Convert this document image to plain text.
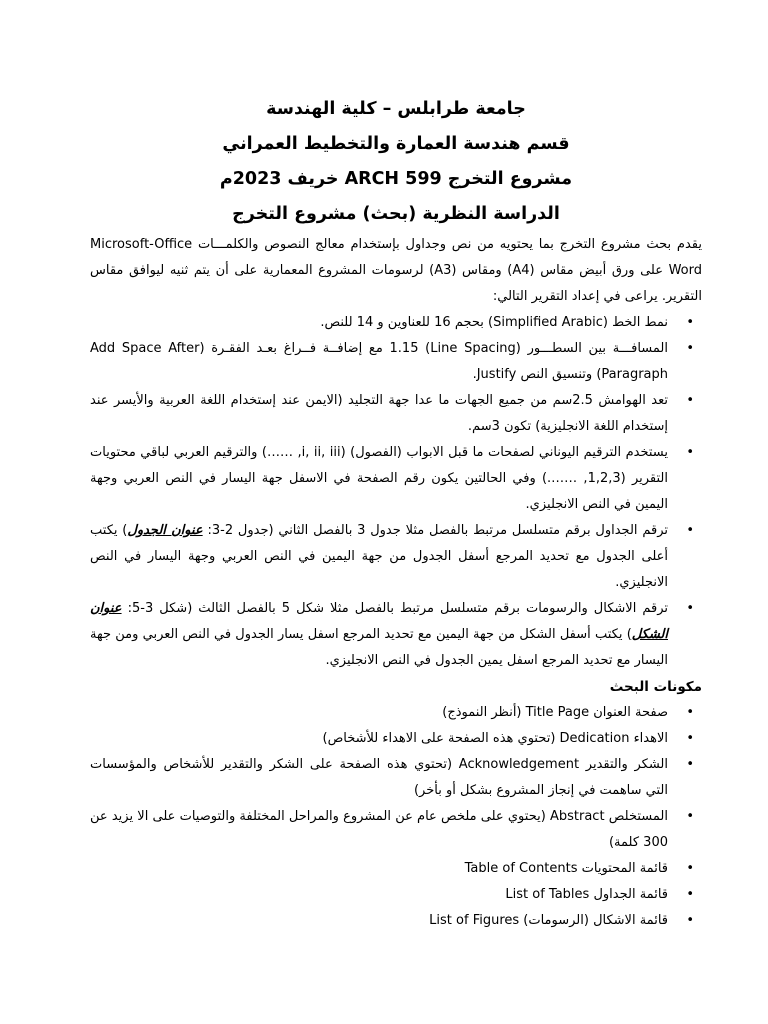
جامعة طرابلس – كلية الهندسة

قسم هندسة العمارة والتخطيط العمراني

مشروع التخرج ARCH 599 خريف 2023م

الدراسة النظرية (بحث) مشروع التخرج

يقدم بحث مشروع التخرج بما يحتويه من نص وجداول بإستخدام معالج النصوص والكلمـــات Microsoft-Office Word على ورق أبيض مقاس (A4) ومقاس (A3) لرسومات المشروع المعمارية على أن يتم ثنيه ليوافق مقاس التقرير. يراعى في إعداد التقرير التالي:

•
نمط الخط (Simplified Arabic) بحجم 16 للعناوين و 14 للنص.
•
المسافـــة بين السطـــور (Line Spacing) 1.15 مع إضافــة فــراغ بعـد الفقـرة (Add Space After Paragraph) وتنسيق النص Justify.
•
تعد الهوامش 2.5سم من جميع الجهات ما عدا جهة التجليد (الايمن عند إستخدام اللغة العربية والأيسر عند إستخدام اللغة الانجليزية) تكون 3سم.
•
يستخدم الترقيم اليوناني لصفحات ما قبل الابواب (الفصول) (i, ii, iii, ……) والترقيم العربي لباقي محتويات التقرير (1,2,3, …….) وفي الحالتين يكون رقم الصفحة في الاسفل جهة اليسار في النص العربي وجهة اليمين في النص الانجليزي.
•
ترقم الجداول برقم متسلسل مرتبط بالفصل مثلا جدول 3 بالفصل الثاني (جدول 2-3: عنوان الجدول) يكتب أعلى الجدول مع تحديد المرجع أسفل الجدول من جهة اليمين في النص العربي وجهة اليسار في النص الانجليزي.
•
ترقم الاشكال والرسومات برقم متسلسل مرتبط بالفصل مثلا شكل 5 بالفصل الثالث (شكل 3-5: عنوان الشكل) يكتب أسفل الشكل من جهة اليمين مع تحديد المرجع اسفل يسار الجدول في النص العربي ومن جهة اليسار مع تحديد المرجع اسفل يمين الجدول في النص الانجليزي.

مكونات البحث

•
صفحة العنوان Title Page (أنظر النموذج)
•
الاهداء Dedication (تحتوي هذه الصفحة على الاهداء للأشخاص)
•
الشكر والتقدير Acknowledgement (تحتوي هذه الصفحة على الشكر والتقدير للأشخاص والمؤسسات التي ساهمت في إنجاز المشروع بشكل أو بأخر)
•
المستخلص Abstract (يحتوي على ملخص عام عن المشروع والمراحل المختلفة والتوصيات على الا يزيد عن 300 كلمة)
•
قائمة المحتويات Table of Contents
•
قائمة الجداول List of Tables
•
قائمة الاشكال (الرسومات) List of Figures
